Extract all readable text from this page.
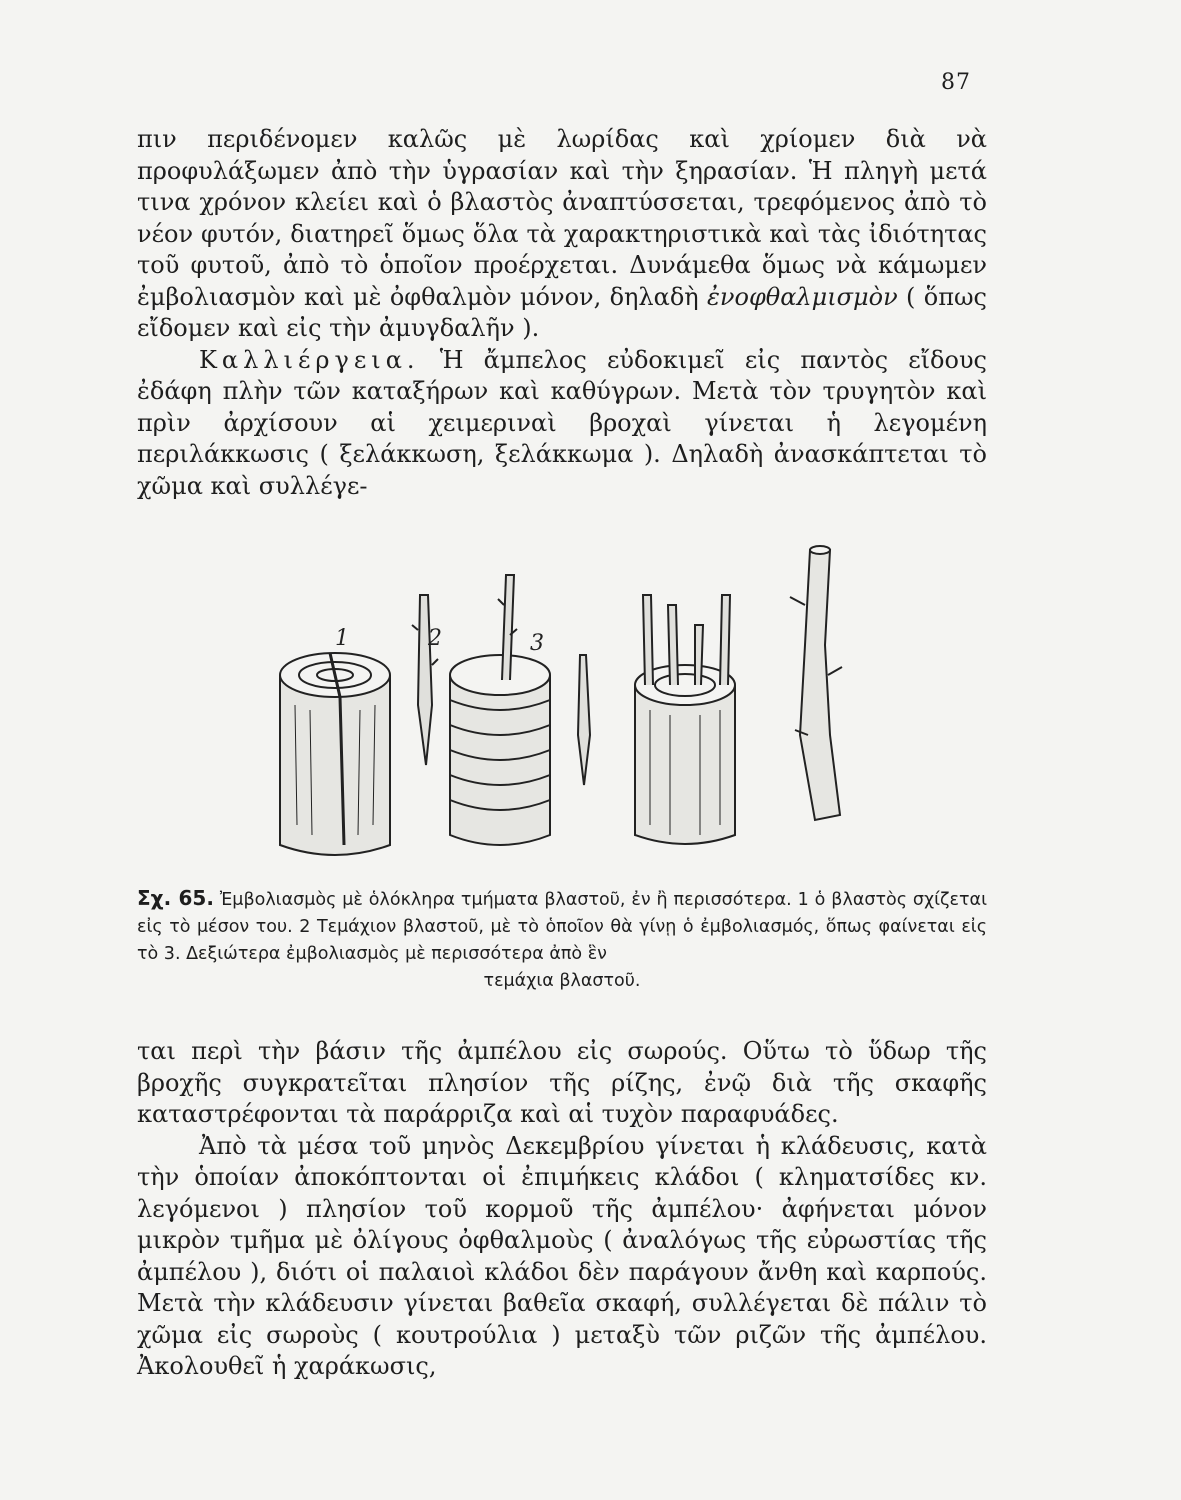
87

πιν περιδένομεν καλῶς μὲ λωρίδας καὶ χρίομεν διὰ νὰ προφυλάξωμεν ἀπὸ τὴν ὑγρασίαν καὶ τὴν ξηρασίαν. Ἡ πληγὴ μετά τινα χρόνον κλείει καὶ ὁ βλαστὸς ἀναπτύσσεται, τρεφόμενος ἀπὸ τὸ νέον φυτόν, διατηρεῖ ὅμως ὅλα τὰ χαρακτηριστικὰ καὶ τὰς ἰδιότητας τοῦ φυτοῦ, ἀπὸ τὸ ὁποῖον προέρχεται. Δυνάμεθα ὅμως νὰ κάμωμεν ἐμβολιασμὸν καὶ μὲ ὀφθαλμὸν μόνον, δηλαδὴ ἐνοφθαλμισμὸν ( ὅπως εἴδομεν καὶ εἰς τὴν ἀμυγδαλῆν ).

Καλλιέργεια. Ἡ ἄμπελος εὐδοκιμεῖ εἰς παντὸς εἴδους ἐδάφη πλὴν τῶν καταξήρων καὶ καθύγρων. Μετὰ τὸν τρυγητὸν καὶ πρὶν ἀρχίσουν αἱ χειμεριναὶ βροχαὶ γίνεται ἡ λεγομένη περιλάκκωσις ( ξελάκκωση, ξελάκκωμα ). Δηλαδὴ ἀνασκάπτεται τὸ χῶμα καὶ συλλέγε-

1	2	3
Σχ. 65. Ἐμβολιασμὸς μὲ ὁλόκληρα τμήματα βλαστοῦ, ἐν ἢ περισσότερα. 1 ὁ βλαστὸς σχίζεται εἰς τὸ μέσον του. 2 Τεμάχιον βλαστοῦ, μὲ τὸ ὁποῖον θὰ γίνῃ ὁ ἐμβολιασμός, ὅπως φαίνεται εἰς τὸ 3. Δεξιώτερα ἐμβολιασμὸς μὲ περισσότερα ἀπὸ ἓν
τεμάχια βλαστοῦ.

ται περὶ τὴν βάσιν τῆς ἀμπέλου εἰς σωρούς. Οὕτω τὸ ὕδωρ τῆς βροχῆς συγκρατεῖται πλησίον τῆς ρίζης, ἐνῷ διὰ τῆς σκαφῆς καταστρέφονται τὰ παράρριζα καὶ αἱ τυχὸν παραφυάδες.

Ἀπὸ τὰ μέσα τοῦ μηνὸς Δεκεμβρίου γίνεται ἡ κλάδευσις, κατὰ τὴν ὁποίαν ἀποκόπτονται οἱ ἐπιμήκεις κλάδοι ( κληματσίδες κν. λεγόμενοι ) πλησίον τοῦ κορμοῦ τῆς ἀμπέλου· ἀφήνεται μόνον μικρὸν τμῆμα μὲ ὀλίγους ὀφθαλμοὺς ( ἀναλόγως τῆς εὐρωστίας τῆς ἀμπέλου ), διότι οἱ παλαιοὶ κλάδοι δὲν παράγουν ἄνθη καὶ καρπούς. Μετὰ τὴν κλάδευσιν γίνεται βαθεῖα σκαφή, συλλέγεται δὲ πάλιν τὸ χῶμα εἰς σωροὺς ( κουτρούλια ) μεταξὺ τῶν ριζῶν τῆς ἀμπέλου. Ἀκολουθεῖ ἡ χαράκωσις,
